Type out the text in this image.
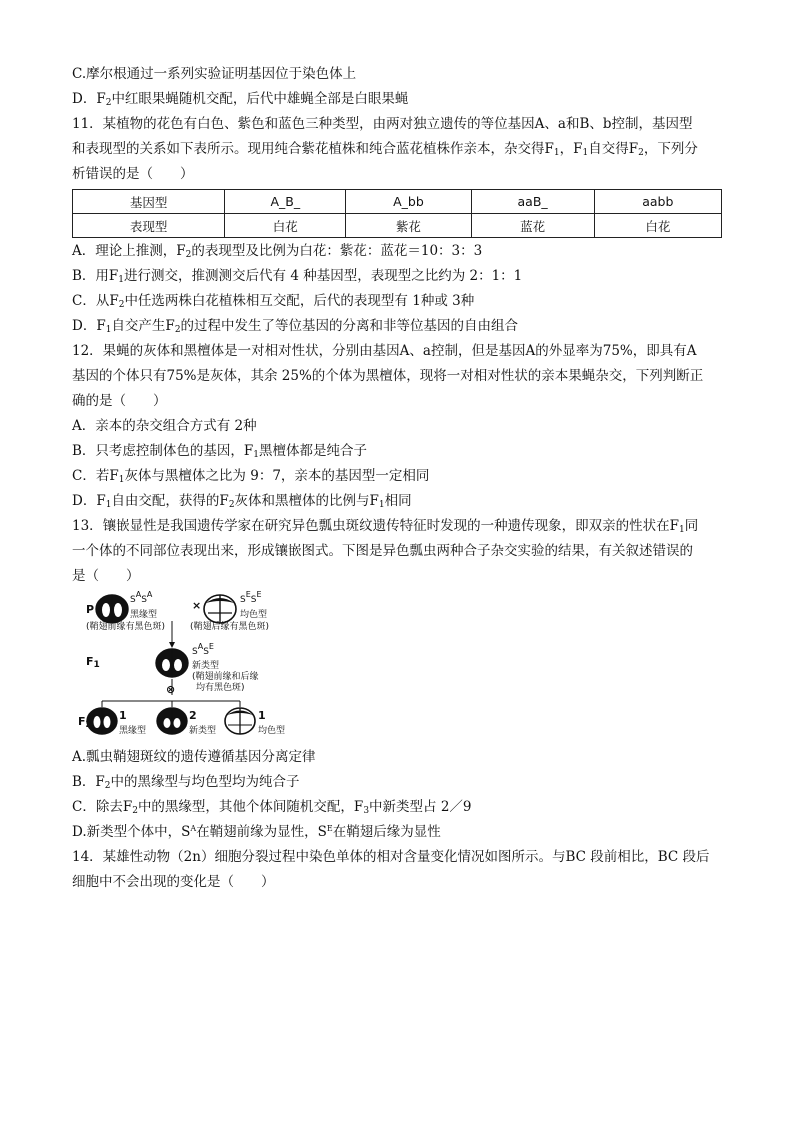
C.摩尔根通过一系列实验证明基因位于染色体上
D．$F_2$中红眼果蝇随机交配，后代中雄蝇全部是白眼果蝇
11．某植物的花色有白色、紫色和蓝色三种类型，由两对独立遗传的等位基因A、a和B、b控制，基因型
和表现型的关系如下表所示。现用纯合紫花植株和纯合蓝花植株作亲本，杂交得$F_1$，$F_1$自交得$F_2$，下列分
析错误的是（　　）
基因型	A_B_	A_bb	aaB_	aabb
表现型	白花	紫花	蓝花	白花
A．理论上推测，$F_2$的表现型及比例为白花：紫花：蓝花＝10：3：3
B．用$F_1$进行测交，推测测交后代有 4 种基因型，表现型之比约为 2：1：1
C．从$F_2$中任选两株白花植株相互交配，后代的表现型有 1种或 3种
D．$F_1$自交产生$F_2$的过程中发生了等位基因的分离和非等位基因的自由组合
12．果蝇的灰体和黑檀体是一对相对性状，分别由基因A、a控制，但是基因A的外显率为75%，即具有A
基因的个体只有75%是灰体，其余 25%的个体为黑檀体，现将一对相对性状的亲本果蝇杂交，下列判断正
确的是（　　）
A．亲本的杂交组合方式有 2种
B．只考虑控制体色的基因，$F_1$黑檀体都是纯合子
C．若$F_1$灰体与黑檀体之比为 9：7，亲本的基因型一定相同
D．$F_1$自由交配，获得的$F_2$灰体和黑檀体的比例与$F_1$相同
13．镶嵌显性是我国遗传学家在研究异色瓢虫斑纹遗传特征时发现的一种遗传现象，即双亲的性状在$F_1$同
一个体的不同部位表现出来，形成镶嵌图式。下图是异色瓢虫两种合子杂交实验的结果，有关叙述错误的
是（　　）
P
$S^AS^A$
黑缘型
(鞘翅前缘有黑色斑)
×	$S^ES^E$
均色型
(鞘翅后缘有黑色斑)
$F_1$
$S^AS^E$
新类型
(鞘翅前缘和后缘
均有黑色斑)
⊗
$F_2$
1
黑缘型
2
新类型
1
均色型
A.瓢虫鞘翅斑纹的遗传遵循基因分离定律
B．$F_2$中的黑缘型与均色型均为纯合子
C．除去$F_2$中的黑缘型，其他个体间随机交配，$F_3$中新类型占 2／9
D.新类型个体中，$S^A$在鞘翅前缘为显性，$S^E$在鞘翅后缘为显性
14．某雄性动物（2n）细胞分裂过程中染色单体的相对含量变化情况如图所示。与BC 段前相比，BC 段后
细胞中不会出现的变化是（　　）
